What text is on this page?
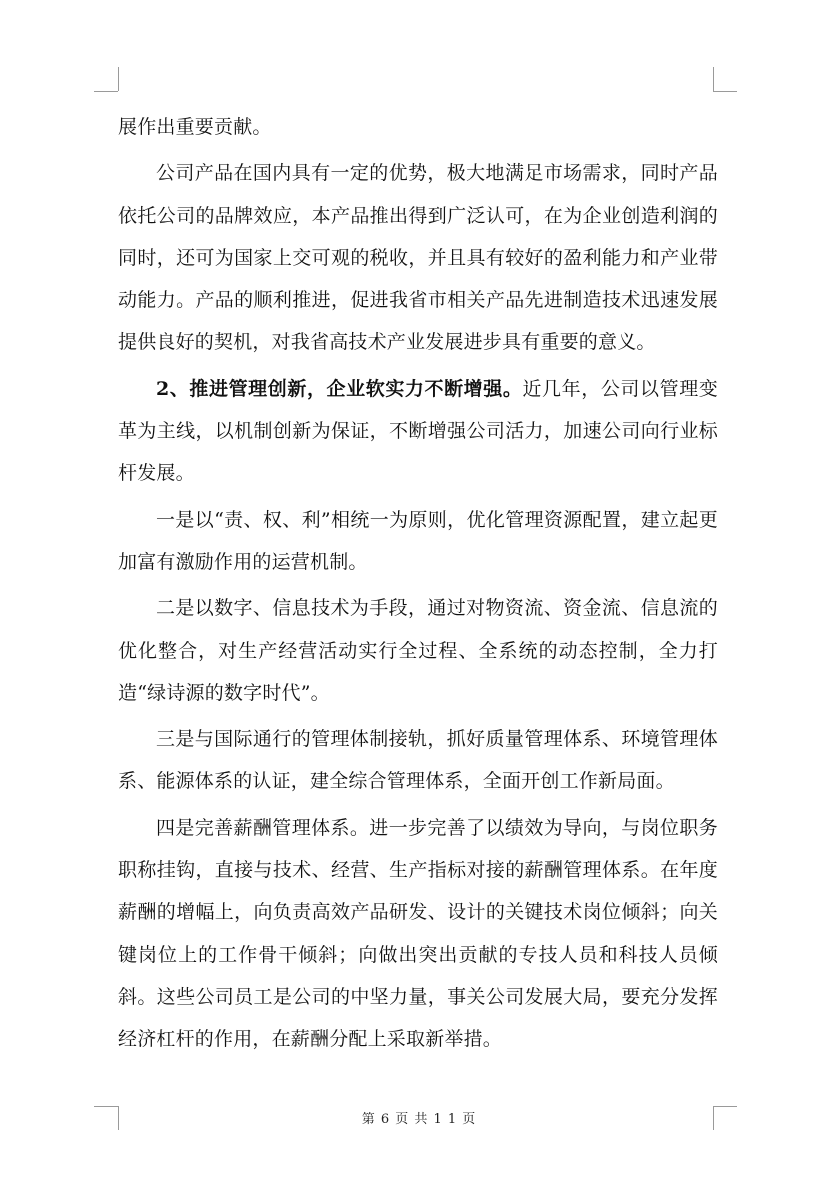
展作出重要贡献。

公司产品在国内具有一定的优势，极大地满足市场需求，同时产品依托公司的品牌效应，本产品推出得到广泛认可，在为企业创造利润的同时，还可为国家上交可观的税收，并且具有较好的盈利能力和产业带动能力。产品的顺利推进，促进我省市相关产品先进制造技术迅速发展提供良好的契机，对我省高技术产业发展进步具有重要的意义。

2、推进管理创新，企业软实力不断增强。近几年，公司以管理变革为主线，以机制创新为保证，不断增强公司活力，加速公司向行业标杆发展。

一是以“责、权、利”相统一为原则，优化管理资源配置，建立起更加富有激励作用的运营机制。

二是以数字、信息技术为手段，通过对物资流、资金流、信息流的优化整合，对生产经营活动实行全过程、全系统的动态控制，全力打造“绿诗源的数字时代”。

三是与国际通行的管理体制接轨，抓好质量管理体系、环境管理体系、能源体系的认证，建全综合管理体系，全面开创工作新局面。

四是完善薪酬管理体系。进一步完善了以绩效为导向，与岗位职务职称挂钩，直接与技术、经营、生产指标对接的薪酬管理体系。在年度薪酬的增幅上，向负责高效产品研发、设计的关键技术岗位倾斜；向关键岗位上的工作骨干倾斜；向做出突出贡献的专技人员和科技人员倾斜。这些公司员工是公司的中坚力量，事关公司发展大局，要充分发挥经济杠杆的作用，在薪酬分配上采取新举措。

第 6 页 共 1 1 页
